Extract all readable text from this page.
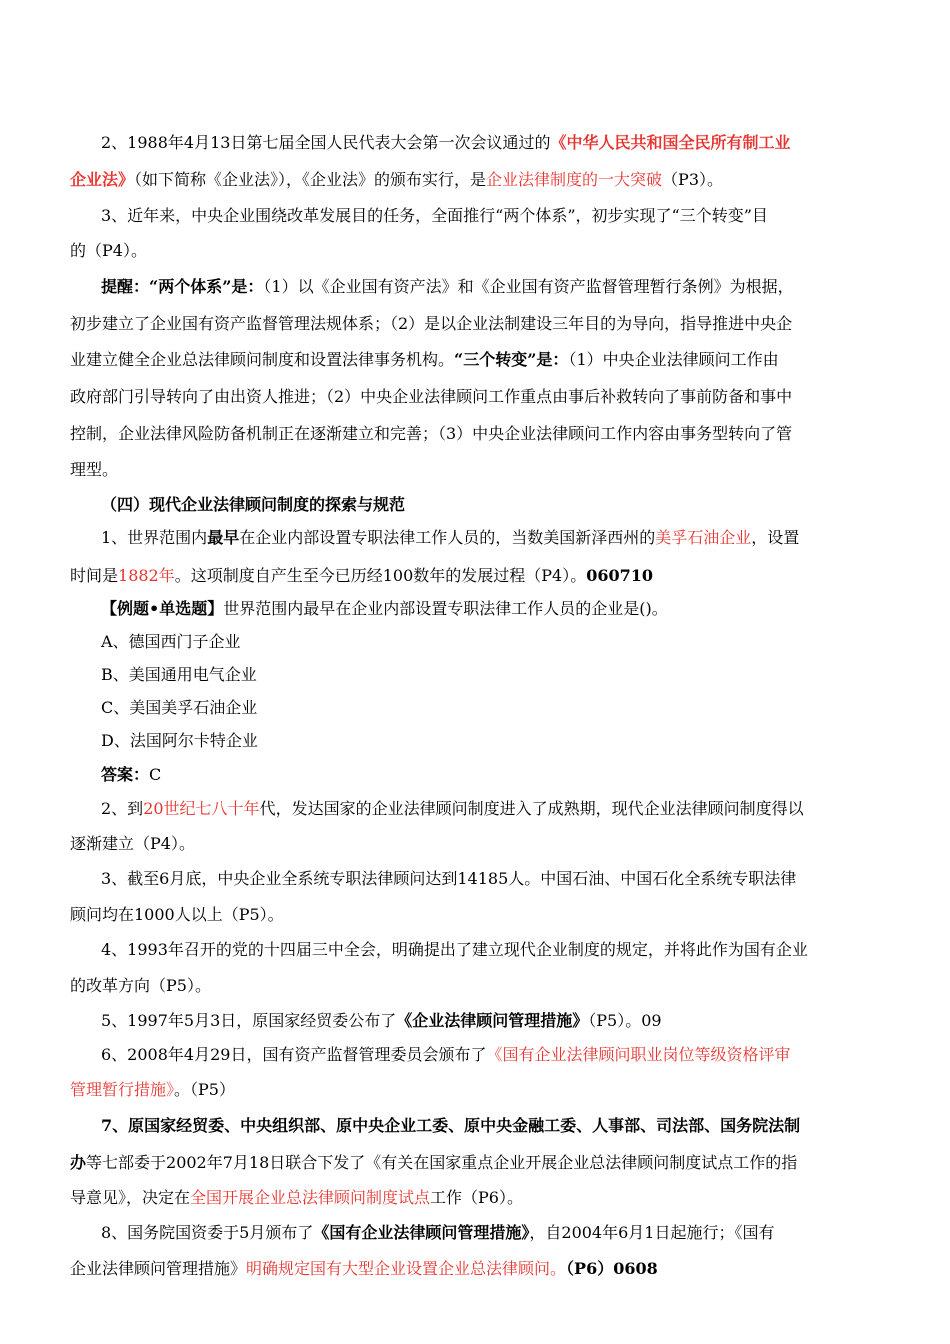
2、1988年4月13日第七届全国人民代表大会第一次会议通过的《中华人民共和国全民所有制工业
企业法》（如下简称《企业法》），《企业法》的颁布实行，是企业法律制度的一大突破（P3）。
3、近年来，中央企业围绕改革发展目的任务，全面推行“两个体系”，初步实现了“三个转变”目
的（P4）。
提醒：“两个体系”是：（1）以《企业国有资产法》和《企业国有资产监督管理暂行条例》为根据，
初步建立了企业国有资产监督管理法规体系；（2）是以企业法制建设三年目的为导向，指导推进中央企
业建立健全企业总法律顾问制度和设置法律事务机构。“三个转变”是：（1）中央企业法律顾问工作由
政府部门引导转向了由出资人推进；（2）中央企业法律顾问工作重点由事后补救转向了事前防备和事中
控制，企业法律风险防备机制正在逐渐建立和完善；（3）中央企业法律顾问工作内容由事务型转向了管
理型。
（四）现代企业法律顾问制度的探索与规范
1、世界范围内最早在企业内部设置专职法律工作人员的，当数美国新泽西州的美孚石油企业，设置
时间是1882年。这项制度自产生至今已历经100数年的发展过程（P4）。060710
【例题•单选题】世界范围内最早在企业内部设置专职法律工作人员的企业是()。
A、德国西门子企业
B、美国通用电气企业
C、美国美孚石油企业
D、法国阿尔卡特企业
答案：C
2、到20世纪七八十年代，发达国家的企业法律顾问制度进入了成熟期，现代企业法律顾问制度得以
逐渐建立（P4）。
3、截至6月底，中央企业全系统专职法律顾问达到14185人。中国石油、中国石化全系统专职法律
顾问均在1000人以上（P5）。
4、1993年召开的党的十四届三中全会，明确提出了建立现代企业制度的规定，并将此作为国有企业
的改革方向（P5）。
5、1997年5月3日，原国家经贸委公布了《企业法律顾问管理措施》（P5）。09
6、2008年4月29日，国有资产监督管理委员会颁布了《国有企业法律顾问职业岗位等级资格评审
管理暂行措施》。（P5）
7、原国家经贸委、中央组织部、原中央企业工委、原中央金融工委、人事部、司法部、国务院法制
办等七部委于2002年7月18日联合下发了《有关在国家重点企业开展企业总法律顾问制度试点工作的指
导意见》，决定在全国开展企业总法律顾问制度试点工作（P6）。
8、国务院国资委于5月颁布了《国有企业法律顾问管理措施》，自2004年6月1日起施行；《国有
企业法律顾问管理措施》明确规定国有大型企业设置企业总法律顾问。（P6）0608
